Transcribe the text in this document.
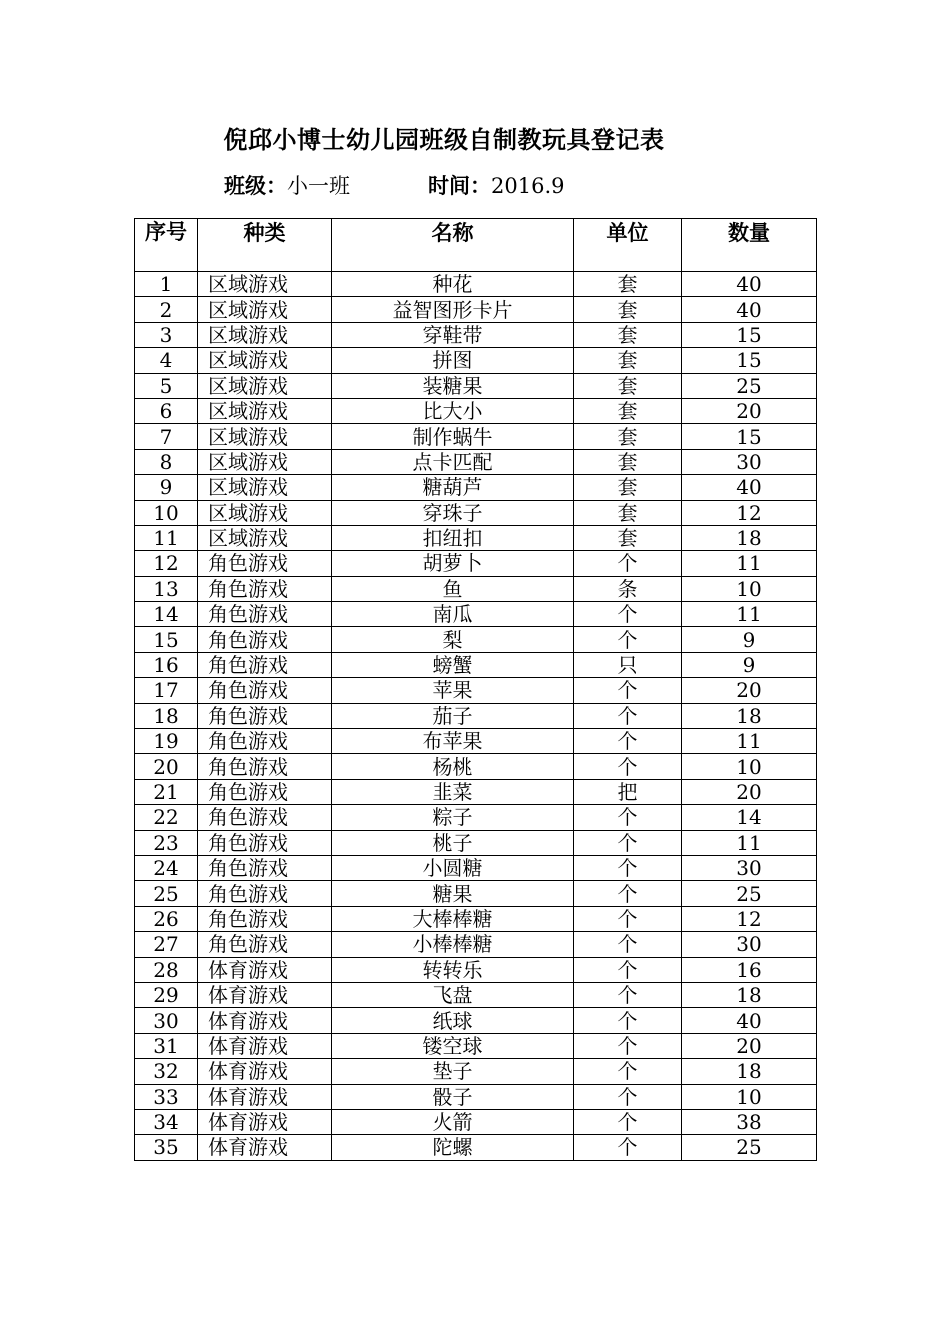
倪邱小博士幼儿园班级自制教玩具登记表
班级：小一班	时间：2016.9
序号	种类	名称	单位	数量
1	区域游戏	种花	套	40
2	区域游戏	益智图形卡片	套	40
3	区域游戏	穿鞋带	套	15
4	区域游戏	拼图	套	15
5	区域游戏	装糖果	套	25
6	区域游戏	比大小	套	20
7	区域游戏	制作蜗牛	套	15
8	区域游戏	点卡匹配	套	30
9	区域游戏	糖葫芦	套	40
10	区域游戏	穿珠子	套	12
11	区域游戏	扣纽扣	套	18
12	角色游戏	胡萝卜	个	11
13	角色游戏	鱼	条	10
14	角色游戏	南瓜	个	11
15	角色游戏	梨	个	9
16	角色游戏	螃蟹	只	9
17	角色游戏	苹果	个	20
18	角色游戏	茄子	个	18
19	角色游戏	布苹果	个	11
20	角色游戏	杨桃	个	10
21	角色游戏	韭菜	把	20
22	角色游戏	粽子	个	14
23	角色游戏	桃子	个	11
24	角色游戏	小圆糖	个	30
25	角色游戏	糖果	个	25
26	角色游戏	大棒棒糖	个	12
27	角色游戏	小棒棒糖	个	30
28	体育游戏	转转乐	个	16
29	体育游戏	飞盘	个	18
30	体育游戏	纸球	个	40
31	体育游戏	镂空球	个	20
32	体育游戏	垫子	个	18
33	体育游戏	骰子	个	10
34	体育游戏	火箭	个	38
35	体育游戏	陀螺	个	25
